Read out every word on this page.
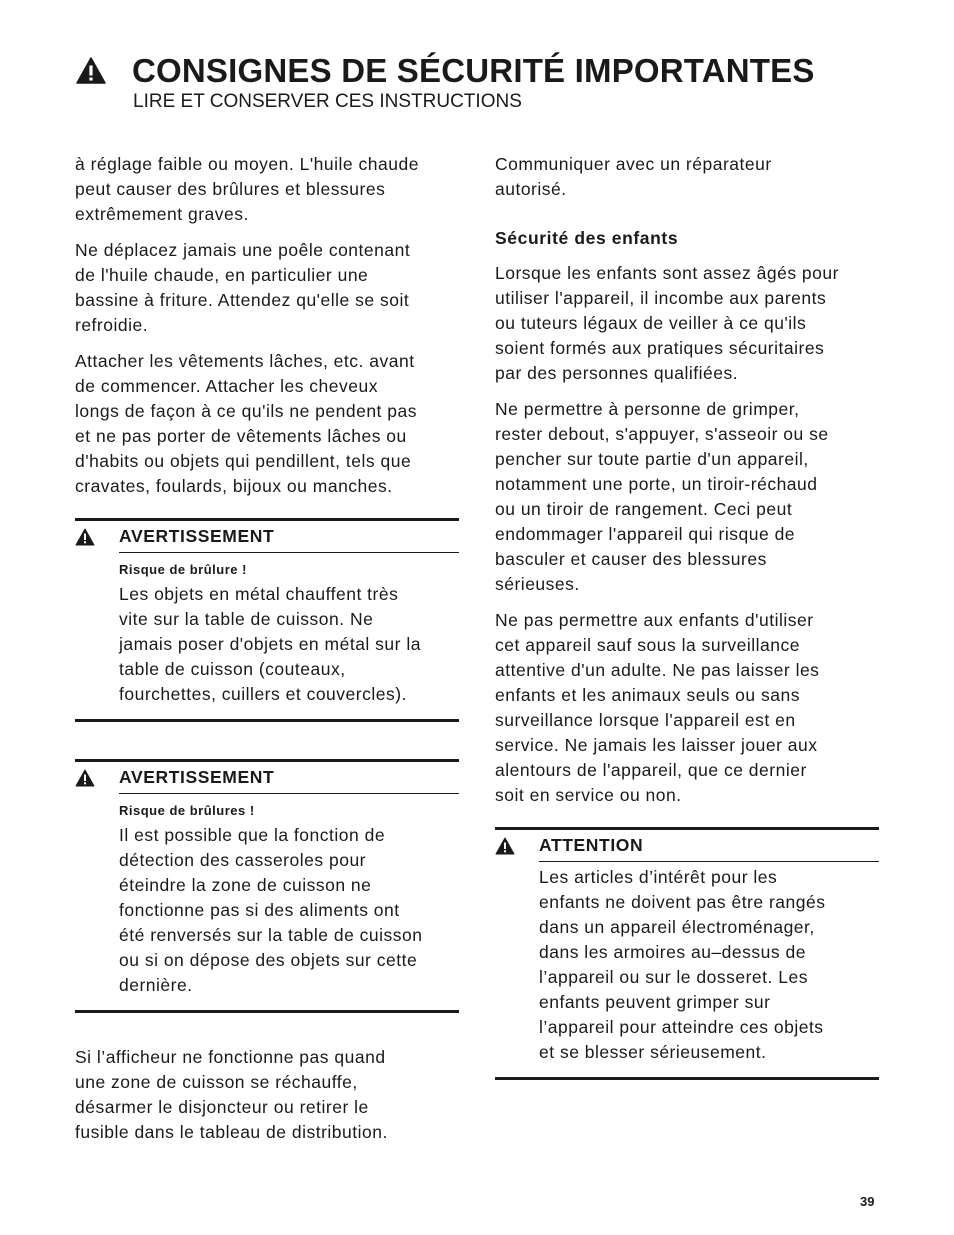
CONSIGNES DE SÉCURITÉ IMPORTANTES
LIRE ET CONSERVER CES INSTRUCTIONS
à réglage faible ou moyen. L'huile chaude
peut causer des brûlures et blessures
extrêmement graves.
Ne déplacez jamais une poêle contenant
de l'huile chaude, en particulier une
bassine à friture. Attendez qu'elle se soit
refroidie.
Attacher les vêtements lâches, etc. avant
de commencer. Attacher les cheveux
longs de façon à ce qu'ils ne pendent pas
et ne pas porter de vêtements lâches ou
d'habits ou objets qui pendillent, tels que
cravates, foulards, bijoux ou manches.
AVERTISSEMENT
Risque de brûlure !
Les objets en métal chauffent très
vite sur la table de cuisson. Ne
jamais poser d'objets en métal sur la
table de cuisson (couteaux,
fourchettes, cuillers et couvercles).
AVERTISSEMENT
Risque de brûlures !
Il est possible que la fonction de
détection des casseroles pour
éteindre la zone de cuisson ne
fonctionne pas si des aliments ont
été renversés sur la table de cuisson
ou si on dépose des objets sur cette
dernière.
Si l’afficheur ne fonctionne pas quand
une zone de cuisson se réchauffe,
désarmer le disjoncteur ou retirer le
fusible dans le tableau de distribution.
Communiquer avec un réparateur
autorisé.
Sécurité des enfants
Lorsque les enfants sont assez âgés pour
utiliser l'appareil, il incombe aux parents
ou tuteurs légaux de veiller à ce qu'ils
soient formés aux pratiques sécuritaires
par des personnes qualifiées.
Ne permettre à personne de grimper,
rester debout, s'appuyer, s'asseoir ou se
pencher sur toute partie d'un appareil,
notamment une porte, un tiroir-réchaud
ou un tiroir de rangement. Ceci peut
endommager l'appareil qui risque de
basculer et causer des blessures
sérieuses.
Ne pas permettre aux enfants d'utiliser
cet appareil sauf sous la surveillance
attentive d'un adulte. Ne pas laisser les
enfants et les animaux seuls ou sans
surveillance lorsque l'appareil est en
service. Ne jamais les laisser jouer aux
alentours de l'appareil, que ce dernier
soit en service ou non.
ATTENTION
Les articles d’intérêt pour les
enfants ne doivent pas être rangés
dans un appareil électroménager,
dans les armoires au‒dessus de
l’appareil ou sur le dosseret. Les
enfants peuvent grimper sur
l’appareil pour atteindre ces objets
et se blesser sérieusement.
39
